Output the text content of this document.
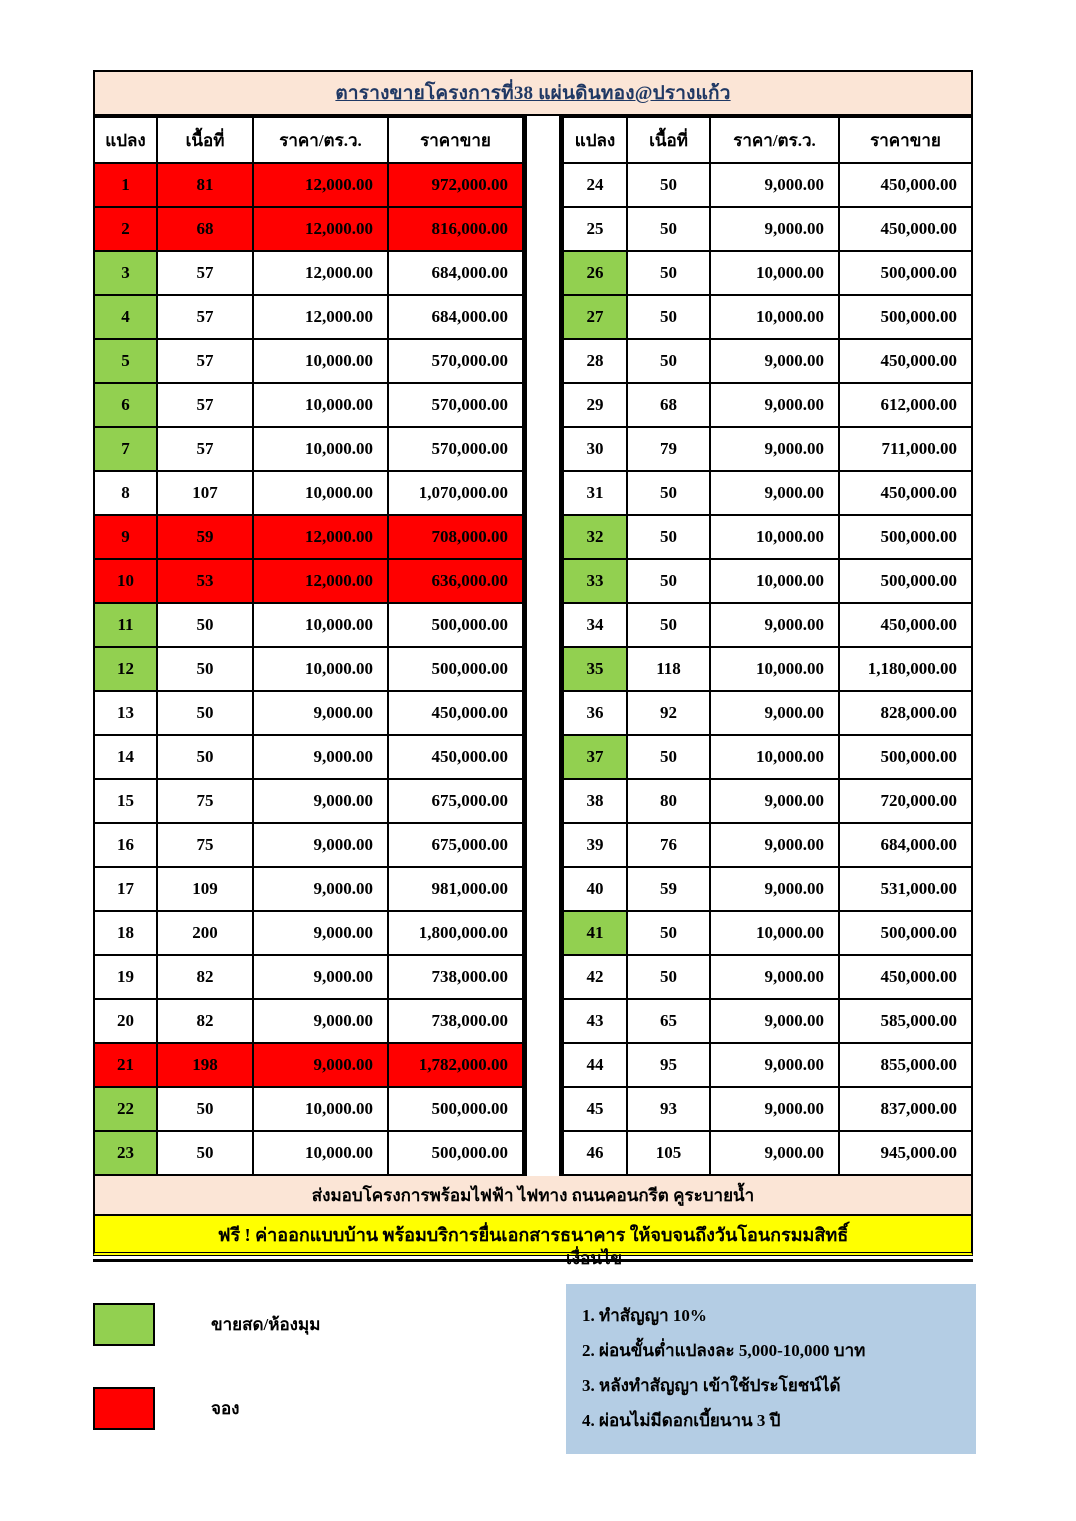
ตารางขายโครงการที่38 แผ่นดินทอง@ปรางแก้ว
แปลง	เนื้อที่	ราคา/ตร.ว.	ราคาขาย
1	81	12,000.00	972,000.00
2	68	12,000.00	816,000.00
3	57	12,000.00	684,000.00
4	57	12,000.00	684,000.00
5	57	10,000.00	570,000.00
6	57	10,000.00	570,000.00
7	57	10,000.00	570,000.00
8	107	10,000.00	1,070,000.00
9	59	12,000.00	708,000.00
10	53	12,000.00	636,000.00
11	50	10,000.00	500,000.00
12	50	10,000.00	500,000.00
13	50	9,000.00	450,000.00
14	50	9,000.00	450,000.00
15	75	9,000.00	675,000.00
16	75	9,000.00	675,000.00
17	109	9,000.00	981,000.00
18	200	9,000.00	1,800,000.00
19	82	9,000.00	738,000.00
20	82	9,000.00	738,000.00
21	198	9,000.00	1,782,000.00
22	50	10,000.00	500,000.00
23	50	10,000.00	500,000.00
แปลง	เนื้อที่	ราคา/ตร.ว.	ราคาขาย
24	50	9,000.00	450,000.00
25	50	9,000.00	450,000.00
26	50	10,000.00	500,000.00
27	50	10,000.00	500,000.00
28	50	9,000.00	450,000.00
29	68	9,000.00	612,000.00
30	79	9,000.00	711,000.00
31	50	9,000.00	450,000.00
32	50	10,000.00	500,000.00
33	50	10,000.00	500,000.00
34	50	9,000.00	450,000.00
35	118	10,000.00	1,180,000.00
36	92	9,000.00	828,000.00
37	50	10,000.00	500,000.00
38	80	9,000.00	720,000.00
39	76	9,000.00	684,000.00
40	59	9,000.00	531,000.00
41	50	10,000.00	500,000.00
42	50	9,000.00	450,000.00
43	65	9,000.00	585,000.00
44	95	9,000.00	855,000.00
45	93	9,000.00	837,000.00
46	105	9,000.00	945,000.00
ส่งมอบโครงการพร้อมไฟฟ้า ไฟทาง ถนนคอนกรีต คูระบายน้ำ
ฟรี ! ค่าออกแบบบ้าน พร้อมบริการยื่นเอกสารธนาคาร ให้จบจนถึงวันโอนกรมมสิทธิ์
ขายสด/ห้องมุม
จอง
เงื่อนไข
1. ทำสัญญา 10%
2. ผ่อนขั้นต่ำแปลงละ 5,000-10,000 บาท
3. หลังทำสัญญา เข้าใช้ประโยชน์ได้
4. ผ่อนไม่มีดอกเบี้ยนาน 3 ปี
